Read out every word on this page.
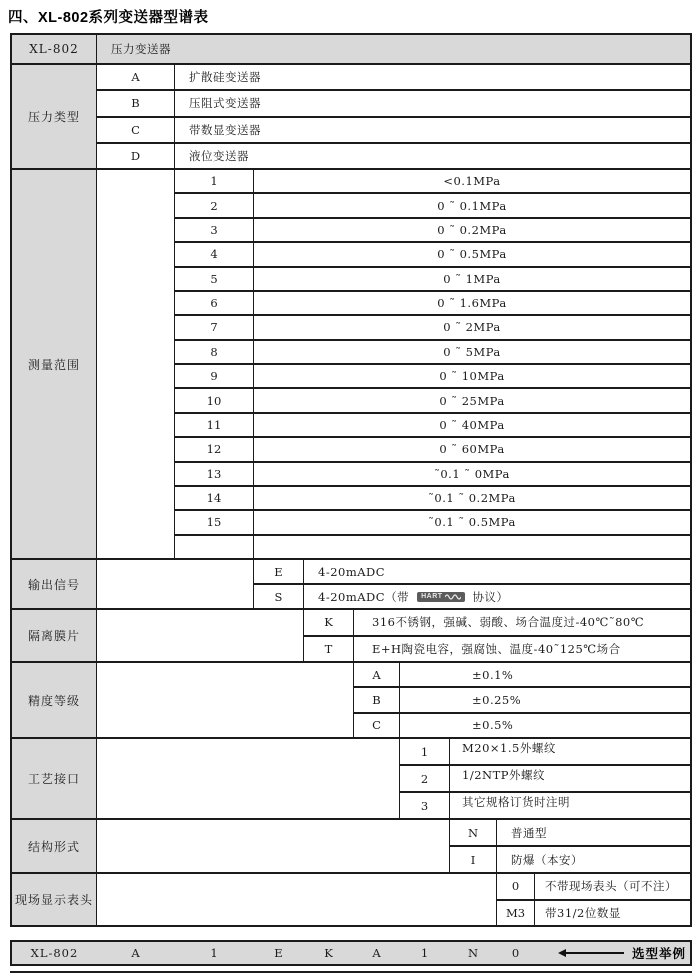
四、XL-802系列变送器型谱表
XL-802	压力变送器
压力类型
A	扩散硅变送器
B	压阻式变送器
C	带数显变送器
D	液位变送器
测量范围
1	<0.1MPa
2	0 ˜ 0.1MPa
3	0 ˜ 0.2MPa
4	0 ˜ 0.5MPa
5	0 ˜ 1MPa
6	0 ˜ 1.6MPa
7	0 ˜ 2MPa
8	0 ˜ 5MPa
9	0 ˜ 10MPa
10	0 ˜ 25MPa
11	0 ˜ 40MPa
12	0 ˜ 60MPa
13	˜0.1 ˜ 0MPa
14	˜0.1 ˜ 0.2MPa
15	˜0.1 ˜ 0.5MPa
输出信号
E	4-20mADC
S	4-20mADC（带 HART	协议）
隔离膜片
K	316不锈钢，强碱、弱酸、场合温度过-40℃˜80℃
T	E+H陶瓷电容，强腐蚀、温度-40˜125℃场合
精度等级
A	±0.1%
B	±0.25%
C	±0.5%
工艺接口
1	M20×1.5外螺纹
2	1/2NTP外螺纹
3	其它规格订货时注明
结构形式
N	普通型
I	防爆（本安）
现场显示表头
0	不带现场表头（可不注）
M3	带31/2位数显
XL-802	A	1	E	K	A	1	N	0	选型举例
